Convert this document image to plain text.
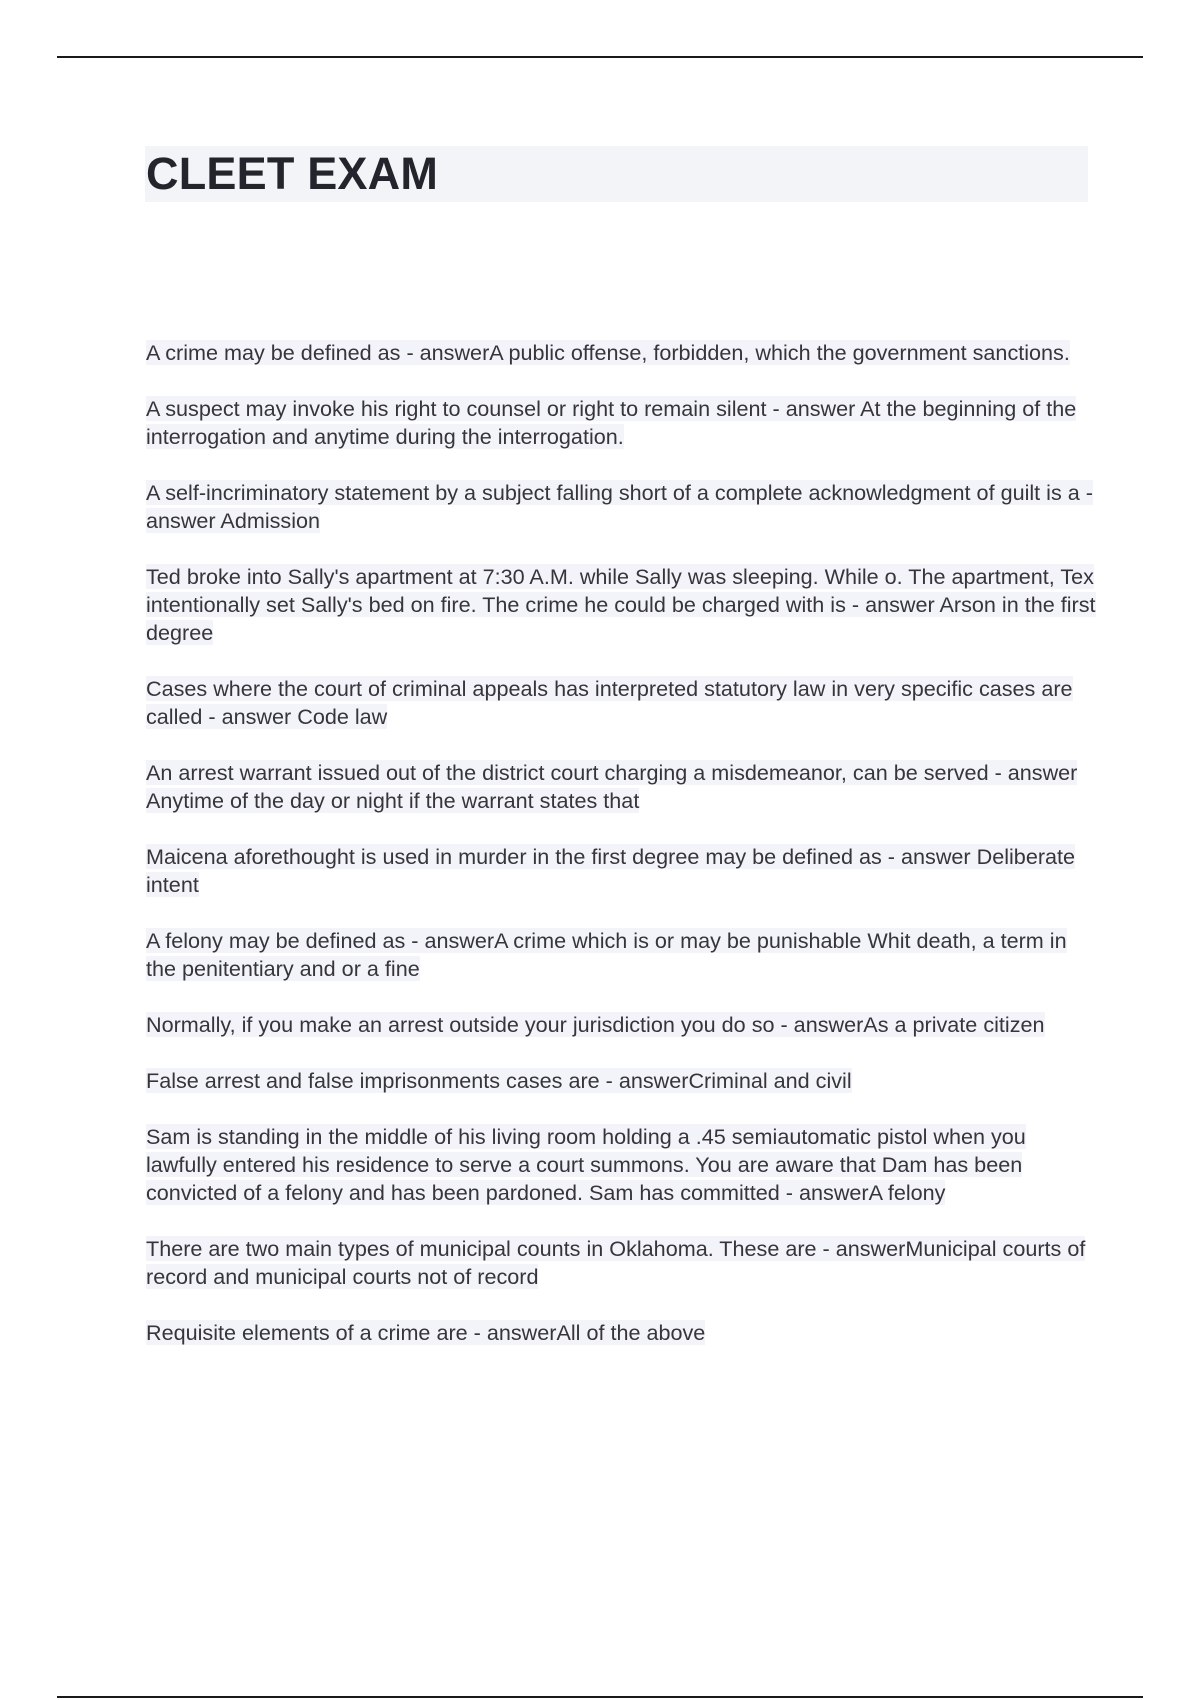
CLEET EXAM
A crime may be defined as - answerA public offense, forbidden, which the government sanctions.
A suspect may invoke his right to counsel or right to remain silent - answer At the beginning of the interrogation and anytime during the interrogation.
A self-incriminatory statement by a subject falling short of a complete acknowledgment of guilt is a - answer Admission
Ted broke into Sally's apartment at 7:30 A.M. while Sally was sleeping. While o. The apartment, Tex intentionally set Sally's bed on fire. The crime he could be charged with is - answer Arson in the first degree
Cases where the court of criminal appeals has interpreted statutory law in very specific cases are called - answer Code law
An arrest warrant issued out of the district court charging a misdemeanor, can be served - answer Anytime of the day or night if the warrant states that
Maicena aforethought is used in murder in the first degree may be defined as - answer Deliberate intent
A felony may be defined as - answerA crime which is or may be punishable Whit death, a term in the penitentiary and or a fine
Normally, if you make an arrest outside your jurisdiction you do so - answerAs a private citizen
False arrest and false imprisonments cases are - answerCriminal and civil
Sam is standing in the middle of his living room holding a .45 semiautomatic pistol when you lawfully entered his residence to serve a court summons. You are aware that Dam has been convicted of a felony and has been pardoned. Sam has committed - answerA felony
There are two main types of municipal counts in Oklahoma. These are - answerMunicipal courts of record and municipal courts not of record
Requisite elements of a crime are - answerAll of the above
